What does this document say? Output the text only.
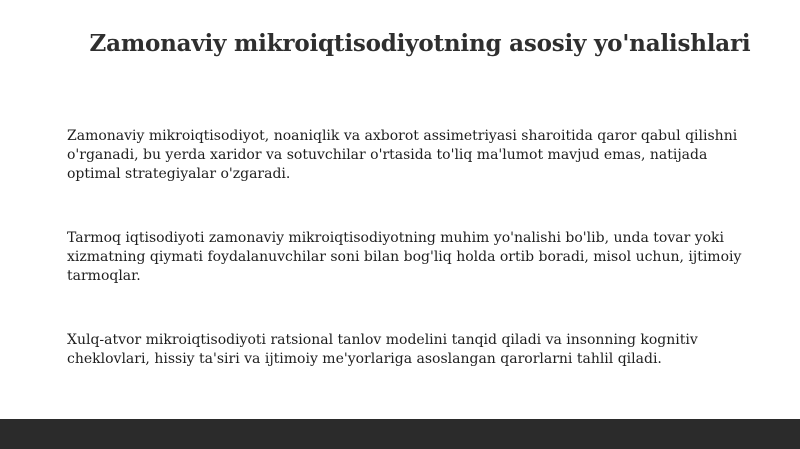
Zamonaviy mikroiqtisodiyotning asosiy yo'nalishlari

Zamonaviy mikroiqtisodiyot, noaniqlik va axborot assimetriyasi sharoitida qaror qabul qilishni o'rganadi, bu yerda xaridor va sotuvchilar o'rtasida to'liq ma'lumot mavjud emas, natijada optimal strategiyalar o'zgaradi.

Tarmoq iqtisodiyoti zamonaviy mikroiqtisodiyotning muhim yo'nalishi bo'lib, unda tovar yoki xizmatning qiymati foydalanuvchilar soni bilan bog'liq holda ortib boradi, misol uchun, ijtimoiy tarmoqlar.

Xulq-atvor mikroiqtisodiyoti ratsional tanlov modelini tanqid qiladi va insonning kognitiv cheklovlari, hissiy ta'siri va ijtimoiy me'yorlariga asoslangan qarorlarni tahlil qiladi.
